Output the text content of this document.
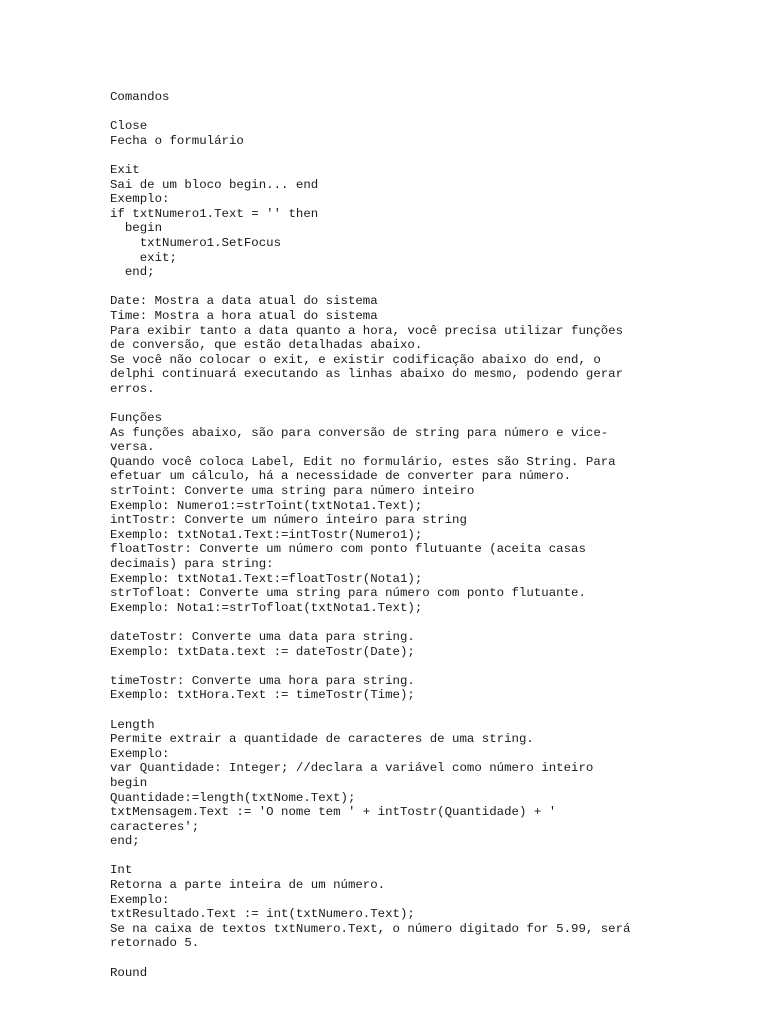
Comandos
Close
Fecha o formulário
Exit
Sai de um bloco begin... end
Exemplo:
if txtNumero1.Text = '' then
begin
txtNumero1.SetFocus
exit;
end;
Date: Mostra a data atual do sistema
Time: Mostra a hora atual do sistema
Para exibir tanto a data quanto a hora, você precisa utilizar funções
de conversão, que estão detalhadas abaixo.
Se você não colocar o exit, e existir codificação abaixo do end, o
delphi continuará executando as linhas abaixo do mesmo, podendo gerar
erros.
Funções
As funções abaixo, são para conversão de string para número e vice-
versa.
Quando você coloca Label, Edit no formulário, estes são String. Para
efetuar um cálculo, há a necessidade de converter para número.
strToint: Converte uma string para número inteiro
Exemplo: Numero1:=strToint(txtNota1.Text);
intTostr: Converte um número inteiro para string
Exemplo: txtNota1.Text:=intTostr(Numero1);
floatTostr: Converte um número com ponto flutuante (aceita casas
decimais) para string:
Exemplo: txtNota1.Text:=floatTostr(Nota1);
strTofloat: Converte uma string para número com ponto flutuante.
Exemplo: Nota1:=strTofloat(txtNota1.Text);
dateTostr: Converte uma data para string.
Exemplo: txtData.text := dateTostr(Date);
timeTostr: Converte uma hora para string.
Exemplo: txtHora.Text := timeTostr(Time);
Length
Permite extrair a quantidade de caracteres de uma string.
Exemplo:
var Quantidade: Integer; //declara a variável como número inteiro
begin
Quantidade:=length(txtNome.Text);
txtMensagem.Text := 'O nome tem ' + intTostr(Quantidade) + '
caracteres';
end;
Int
Retorna a parte inteira de um número.
Exemplo:
txtResultado.Text := int(txtNumero.Text);
Se na caixa de textos txtNumero.Text, o número digitado for 5.99, será
retornado 5.
Round
